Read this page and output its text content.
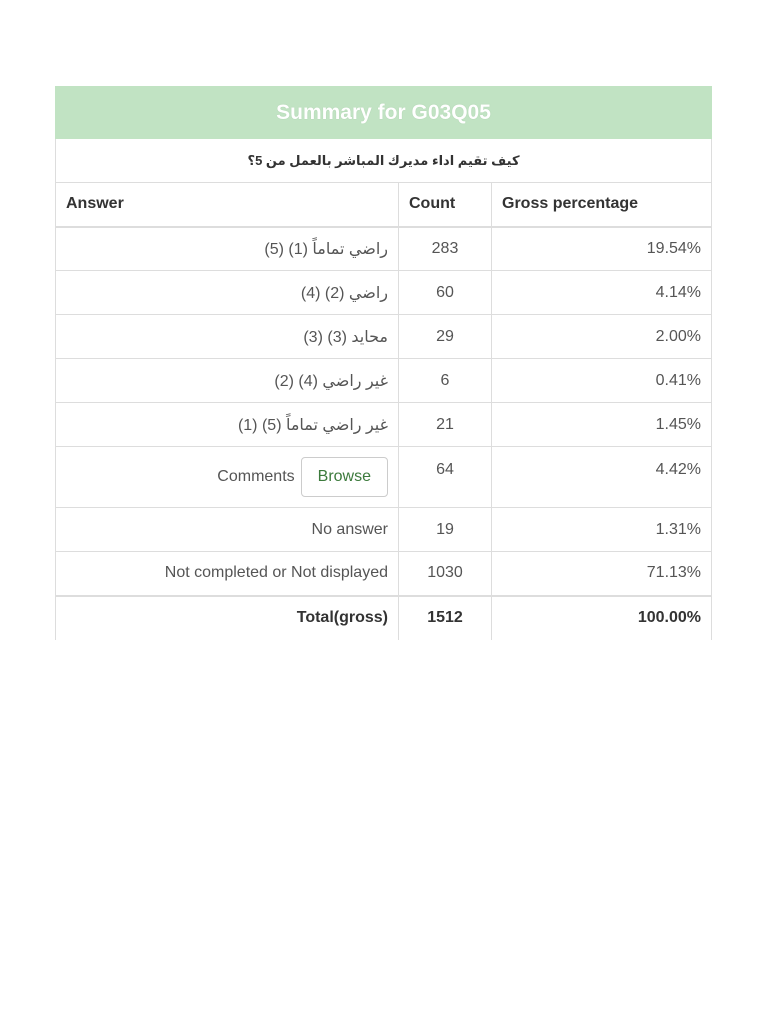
Summary for G03Q05		
كيف تقيم اداء مديرك المباشر بالعمل من 5؟		
Answer	Count	Gross percentage
راضي تماماً (1) (5)	283	19.54%
راضي (2) (4)	60	4.14%
محايد (3) (3)	29	2.00%
غير راضي (4) (2)	6	0.41%
غير راضي تماماً (5) (1)	21	1.45%

Comments Browse	64	4.42%
No answer	19	1.31%
Not completed or Not displayed	1030	71.13%
Total(gross)	1512	100.00%
